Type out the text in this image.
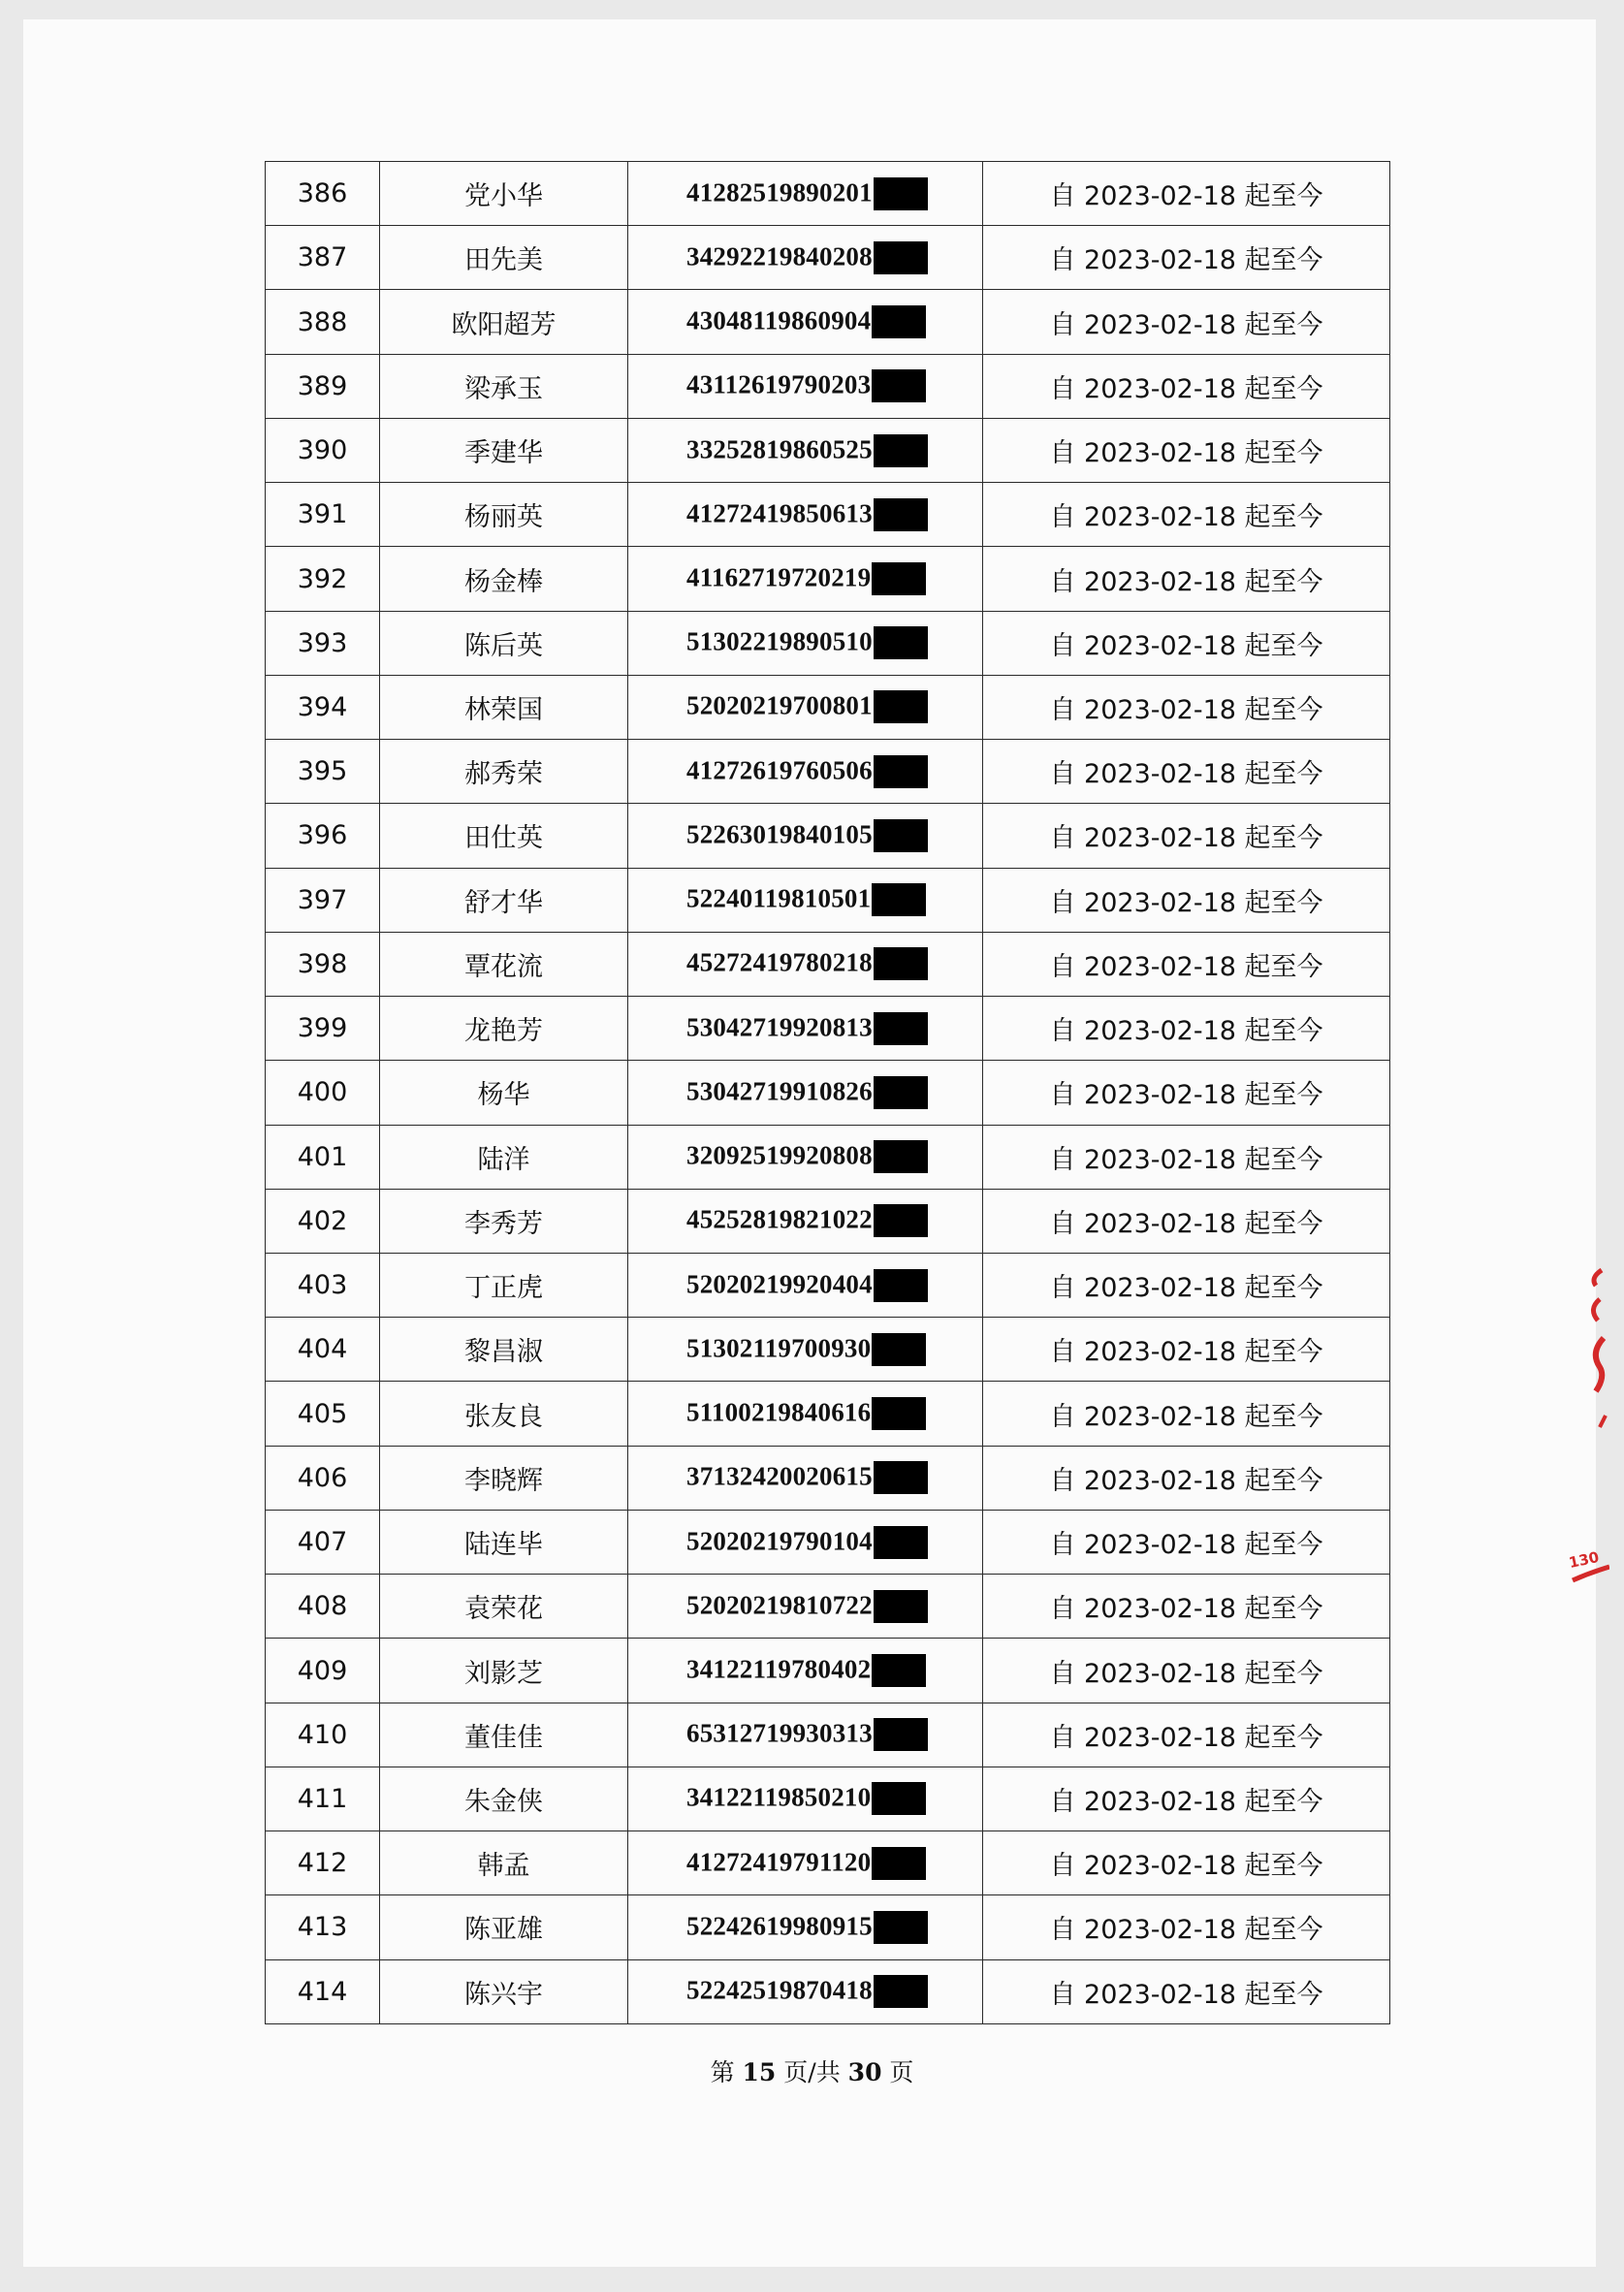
386	党小华	41282519890201	自 2023-02-18 起至今
387	田先美	34292219840208	自 2023-02-18 起至今
388	欧阳超芳	43048119860904	自 2023-02-18 起至今
389	梁承玉	43112619790203	自 2023-02-18 起至今
390	季建华	33252819860525	自 2023-02-18 起至今
391	杨丽英	41272419850613	自 2023-02-18 起至今
392	杨金棒	41162719720219	自 2023-02-18 起至今
393	陈后英	51302219890510	自 2023-02-18 起至今
394	林荣国	52020219700801	自 2023-02-18 起至今
395	郝秀荣	41272619760506	自 2023-02-18 起至今
396	田仕英	52263019840105	自 2023-02-18 起至今
397	舒才华	52240119810501	自 2023-02-18 起至今
398	覃花流	45272419780218	自 2023-02-18 起至今
399	龙艳芳	53042719920813	自 2023-02-18 起至今
400	杨华	53042719910826	自 2023-02-18 起至今
401	陆洋	32092519920808	自 2023-02-18 起至今
402	李秀芳	45252819821022	自 2023-02-18 起至今
403	丁正虎	52020219920404	自 2023-02-18 起至今
404	黎昌淑	51302119700930	自 2023-02-18 起至今
405	张友良	51100219840616	自 2023-02-18 起至今
406	李晓辉	37132420020615	自 2023-02-18 起至今
407	陆连毕	52020219790104	自 2023-02-18 起至今
408	袁荣花	52020219810722	自 2023-02-18 起至今
409	刘影芝	34122119780402	自 2023-02-18 起至今
410	董佳佳	65312719930313	自 2023-02-18 起至今
411	朱金侠	34122119850210	自 2023-02-18 起至今
412	韩孟	41272419791120	自 2023-02-18 起至今
413	陈亚雄	52242619980915	自 2023-02-18 起至今
414	陈兴宇	52242519870418	自 2023-02-18 起至今
第 15 页/共 30 页
130
